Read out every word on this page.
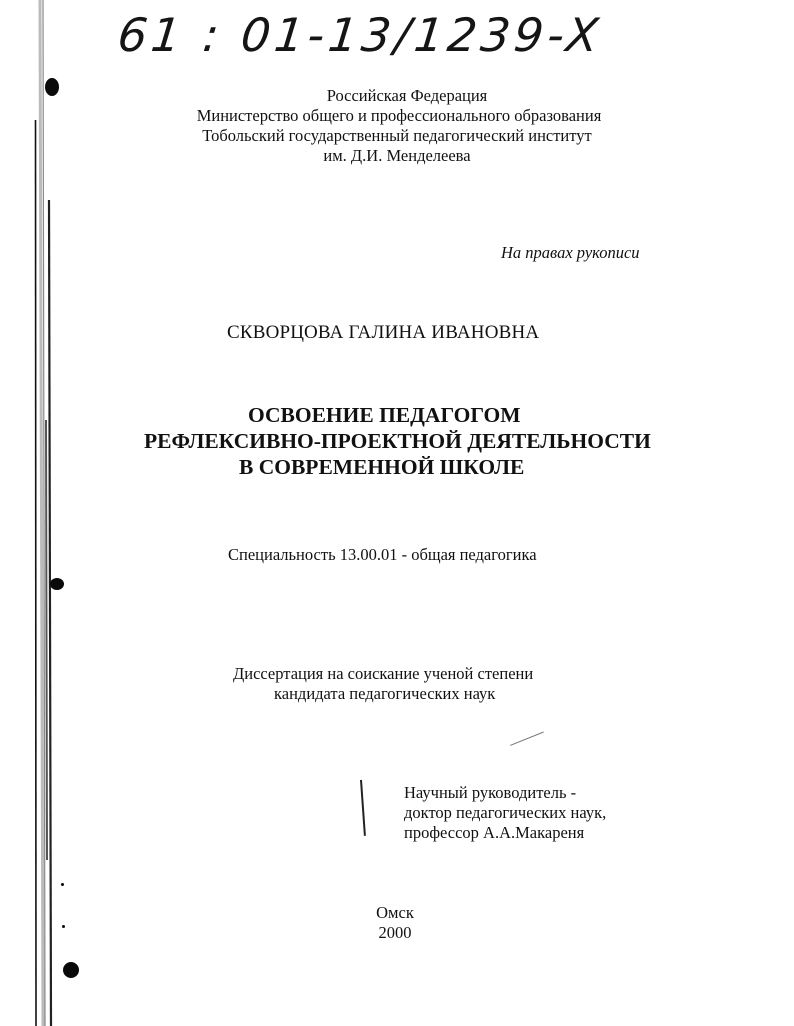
61 : 01-13/1239-X
Российская Федерация
Министерство общего и профессионального образования
Тобольский государственный педагогический институт
им. Д.И. Менделеева
На правах рукописи
СКВОРЦОВА ГАЛИНА ИВАНОВНА
ОСВОЕНИЕ ПЕДАГОГОМ
РЕФЛЕКСИВНО-ПРОЕКТНОЙ ДЕЯТЕЛЬНОСТИ
В СОВРЕМЕННОЙ ШКОЛЕ
Специальность 13.00.01 - общая педагогика
Диссертация на соискание ученой степени
кандидата педагогических наук
Научный руководитель -
доктор педагогических наук,
профессор А.А.Макареня
Омск
2000
